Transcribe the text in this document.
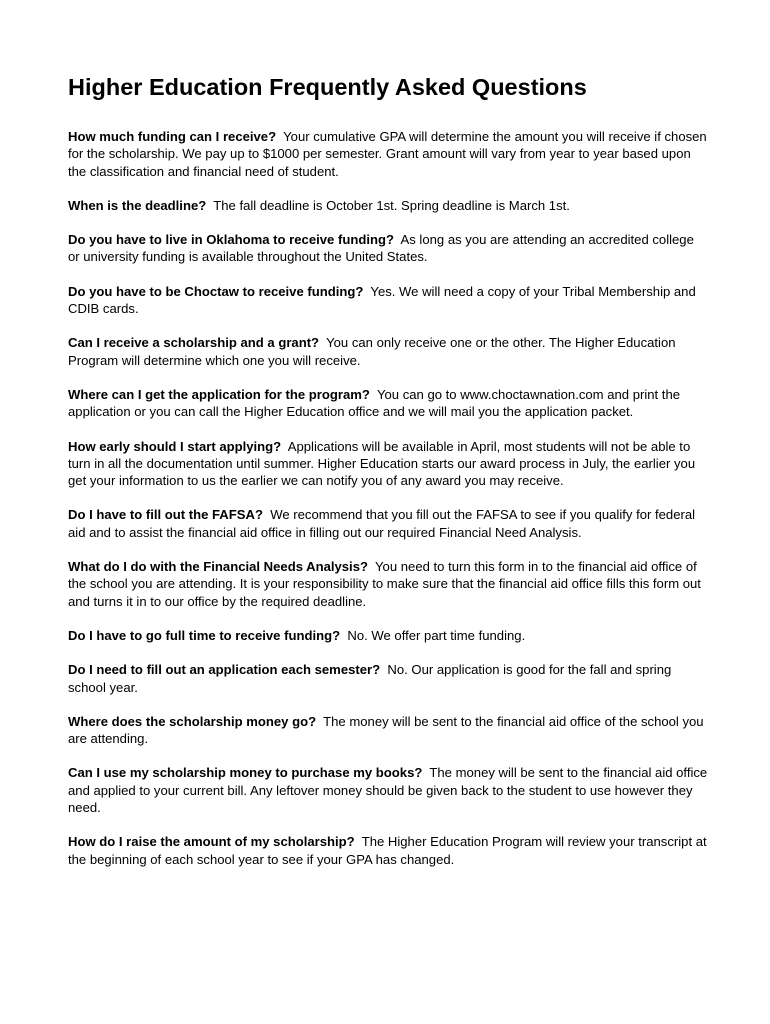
Higher Education Frequently Asked Questions

How much funding can I receive? Your cumulative GPA will determine the amount you will receive if chosen for the scholarship. We pay up to $1000 per semester. Grant amount will vary from year to year based upon the classification and financial need of student.

When is the deadline? The fall deadline is October 1st. Spring deadline is March 1st.

Do you have to live in Oklahoma to receive funding? As long as you are attending an accredited college or university funding is available throughout the United States.

Do you have to be Choctaw to receive funding? Yes. We will need a copy of your Tribal Membership and CDIB cards.

Can I receive a scholarship and a grant? You can only receive one or the other. The Higher Education Program will determine which one you will receive.

Where can I get the application for the program? You can go to www.choctawnation.com and print the application or you can call the Higher Education office and we will mail you the application packet.

How early should I start applying? Applications will be available in April, most students will not be able to turn in all the documentation until summer. Higher Education starts our award process in July, the earlier you get your information to us the earlier we can notify you of any award you may receive.

Do I have to fill out the FAFSA? We recommend that you fill out the FAFSA to see if you qualify for federal aid and to assist the financial aid office in filling out our required Financial Need Analysis.

What do I do with the Financial Needs Analysis? You need to turn this form in to the financial aid office of the school you are attending. It is your responsibility to make sure that the financial aid office fills this form out and turns it in to our office by the required deadline.

Do I have to go full time to receive funding? No. We offer part time funding.

Do I need to fill out an application each semester? No. Our application is good for the fall and spring school year.

Where does the scholarship money go? The money will be sent to the financial aid office of the school you are attending.

Can I use my scholarship money to purchase my books? The money will be sent to the financial aid office and applied to your current bill. Any leftover money should be given back to the student to use however they need.

How do I raise the amount of my scholarship? The Higher Education Program will review your transcript at the beginning of each school year to see if your GPA has changed.
